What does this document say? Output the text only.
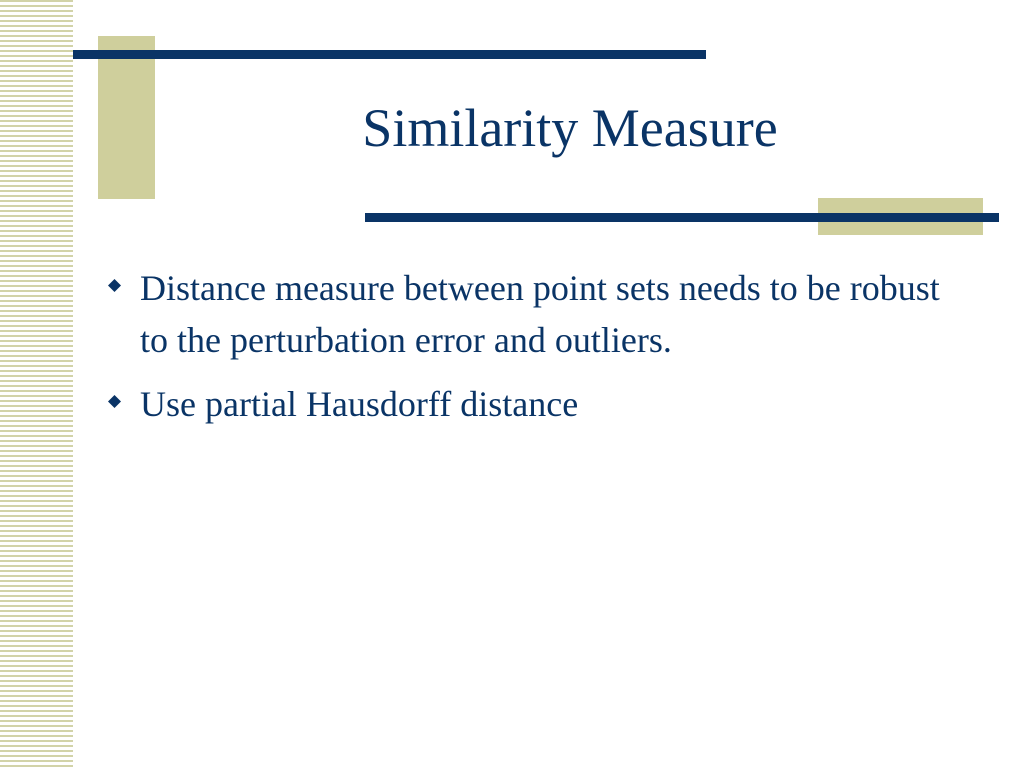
Similarity Measure
Distance measure between point sets needs to be robust to the perturbation error and outliers.
Use partial Hausdorff distance
